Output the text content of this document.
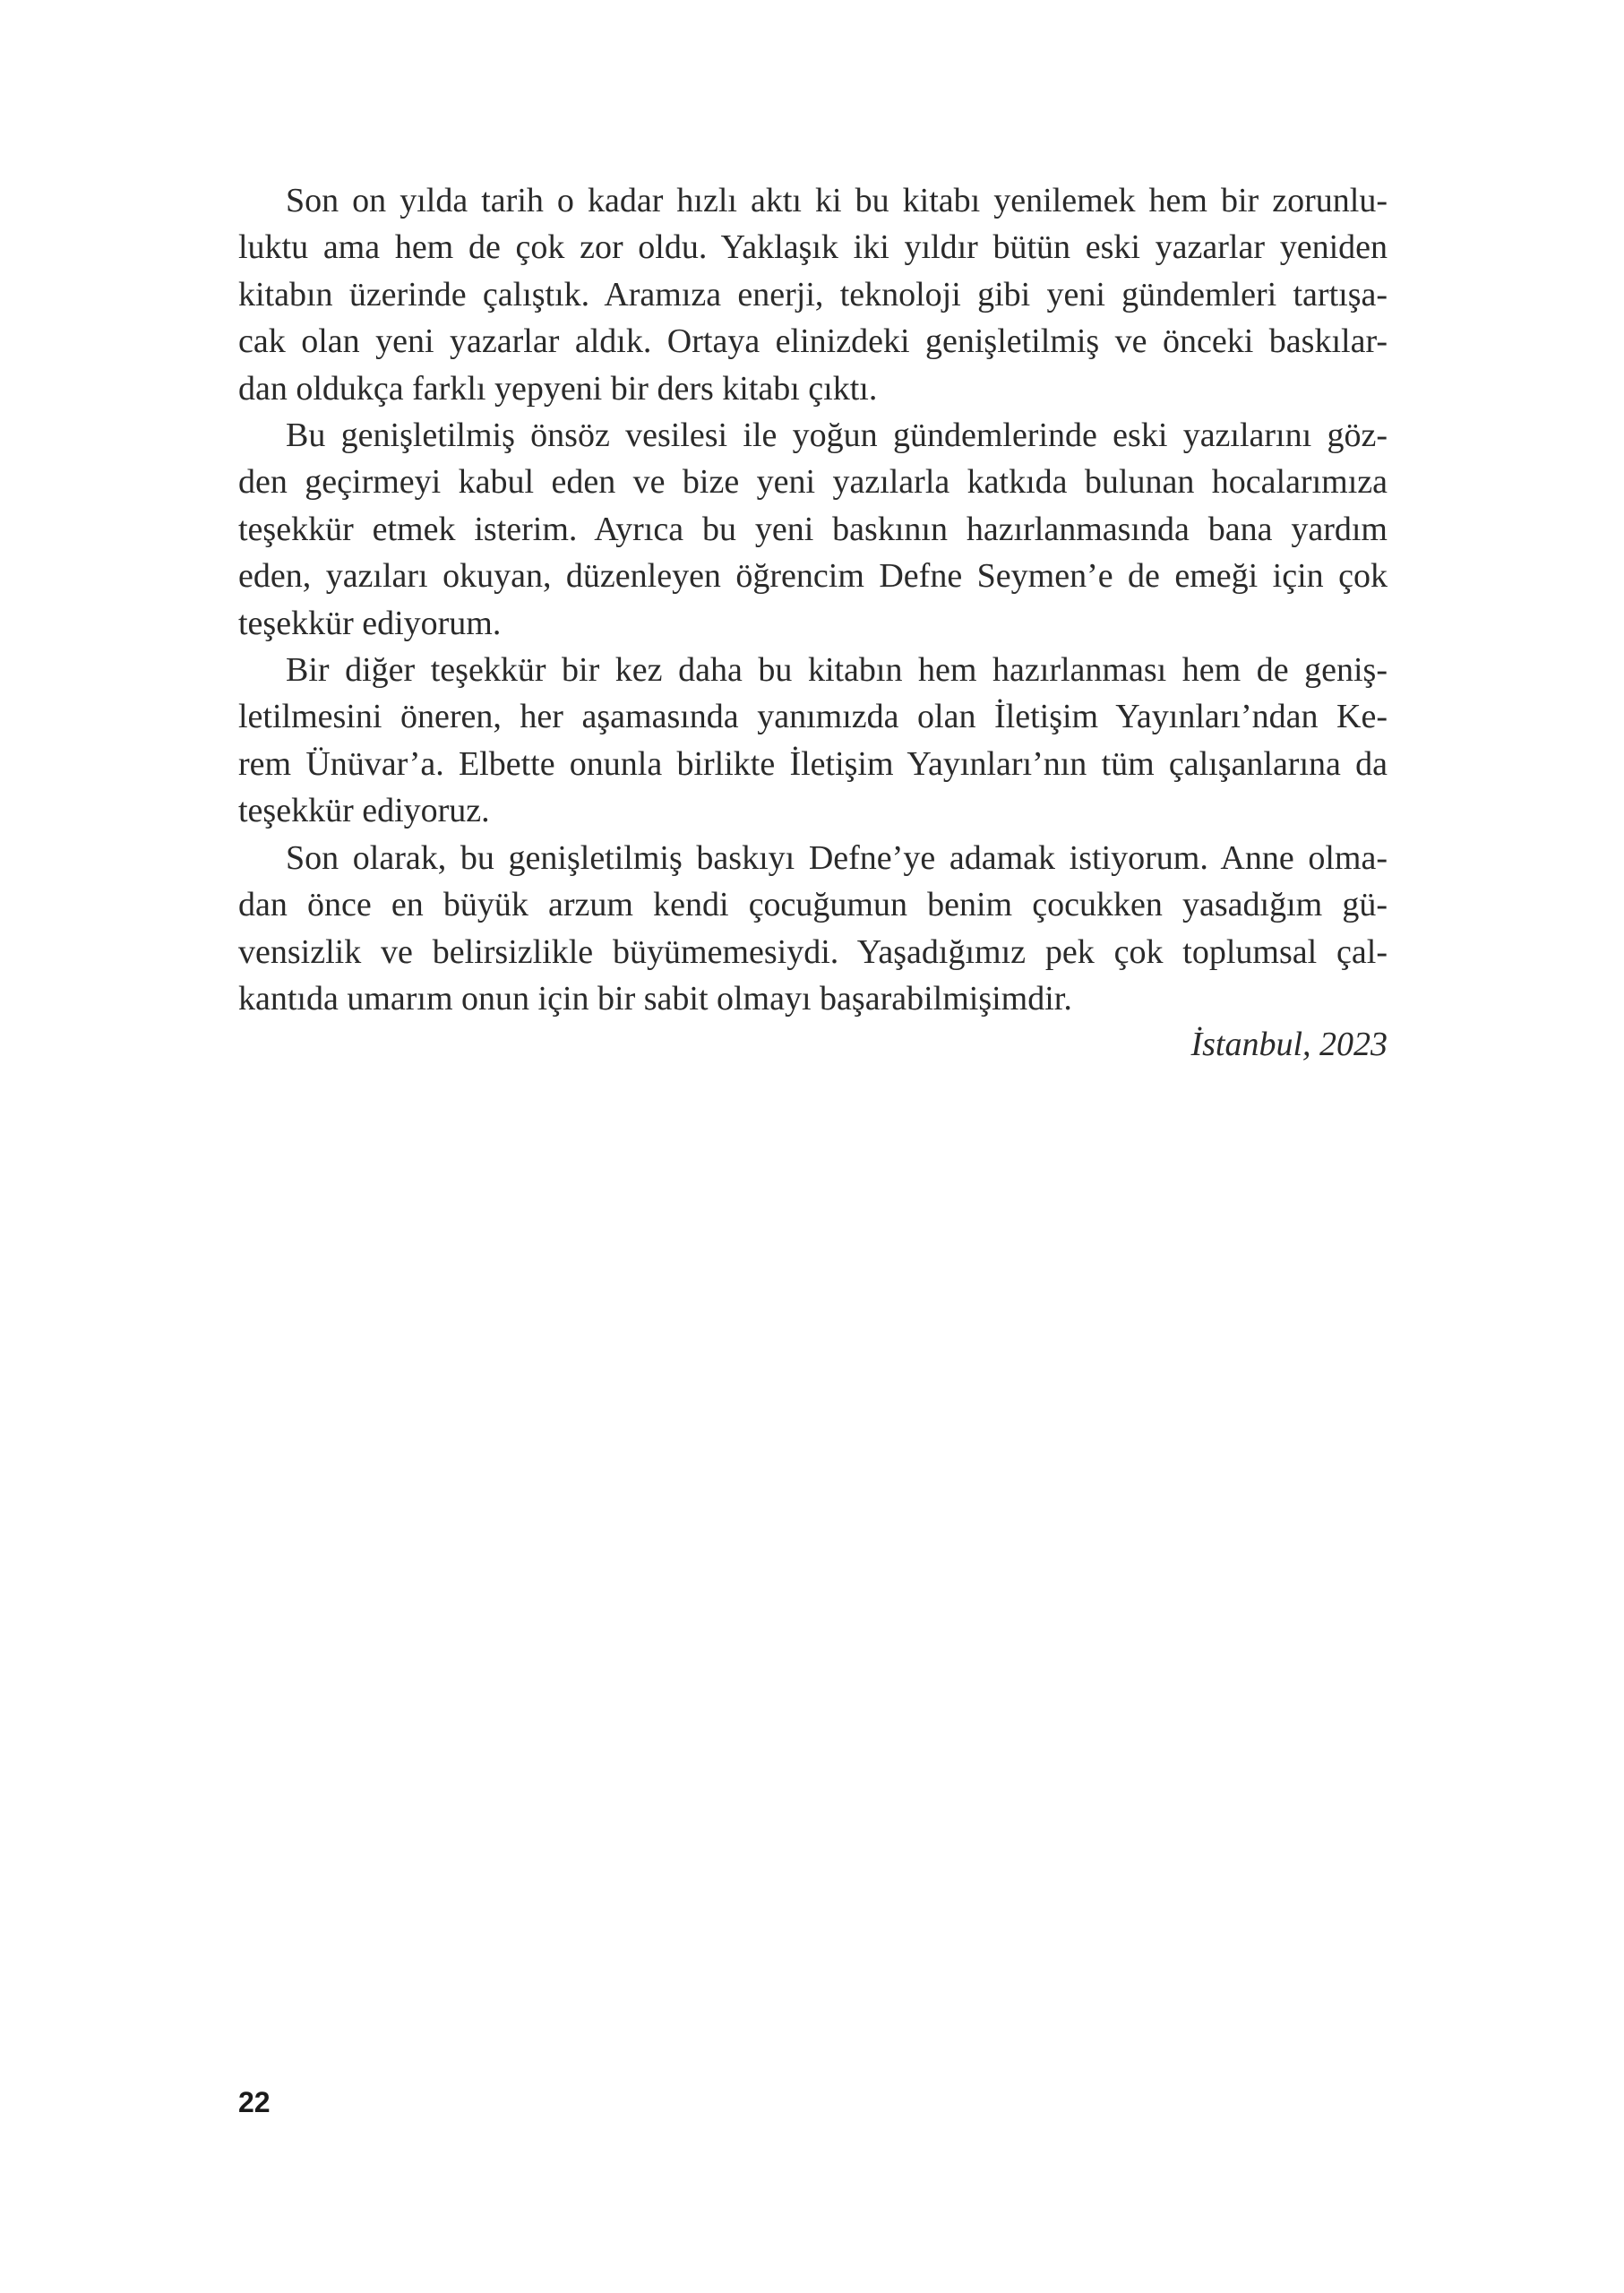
Son on yılda tarih o kadar hızlı aktı ki bu kitabı yenilemek hem bir zorunlu-
luktu ama hem de çok zor oldu. Yaklaşık iki yıldır bütün eski yazarlar yeniden
kitabın üzerinde çalıştık. Aramıza enerji, teknoloji gibi yeni gündemleri tartışa-
cak olan yeni yazarlar aldık. Ortaya elinizdeki genişletilmiş ve önceki baskılar-
dan oldukça farklı yepyeni bir ders kitabı çıktı.

Bu genişletilmiş önsöz vesilesi ile yoğun gündemlerinde eski yazılarını göz-
den geçirmeyi kabul eden ve bize yeni yazılarla katkıda bulunan hocalarımıza
teşekkür etmek isterim. Ayrıca bu yeni baskının hazırlanmasında bana yardım
eden, yazıları okuyan, düzenleyen öğrencim Defne Seymen’e de emeği için çok
teşekkür ediyorum.

Bir diğer teşekkür bir kez daha bu kitabın hem hazırlanması hem de geniş-
letilmesini öneren, her aşamasında yanımızda olan İletişim Yayınları’ndan Ke-
rem Ünüvar’a. Elbette onunla birlikte İletişim Yayınları’nın tüm çalışanlarına da
teşekkür ediyoruz.

Son olarak, bu genişletilmiş baskıyı Defne’ye adamak istiyorum. Anne olma-
dan önce en büyük arzum kendi çocuğumun benim çocukken yasadığım gü-
vensizlik ve belirsizlikle büyümemesiydi. Yaşadığımız pek çok toplumsal çal-
kantıda umarım onun için bir sabit olmayı başarabilmişimdir.

İstanbul, 2023
22
